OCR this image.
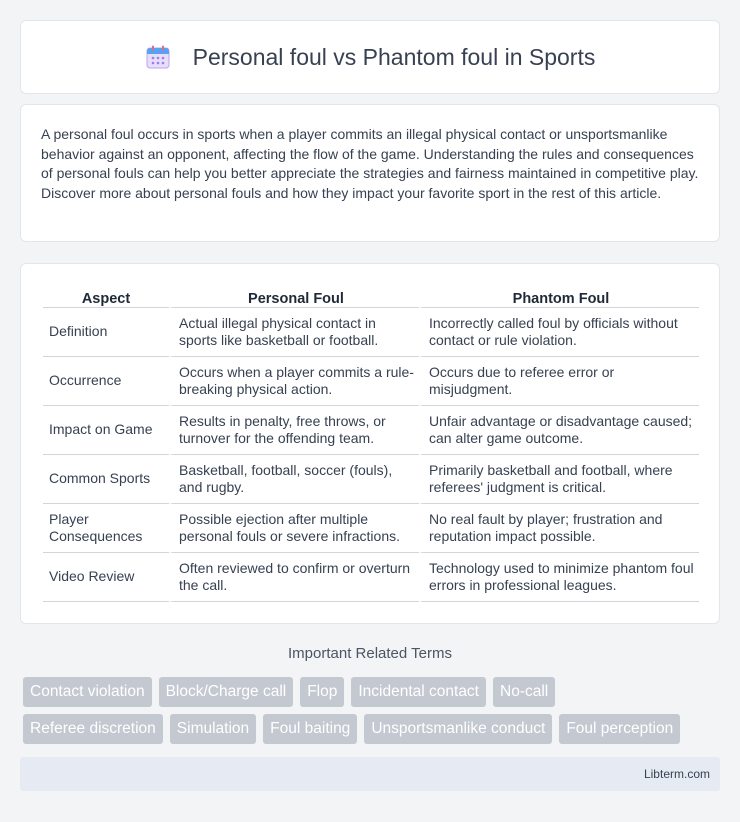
Personal foul vs Phantom foul in Sports

A personal foul occurs in sports when a player commits an illegal physical contact or unsportsmanlike behavior against an opponent, affecting the flow of the game. Understanding the rules and consequences of personal fouls can help you better appreciate the strategies and fairness maintained in competitive play. Discover more about personal fouls and how they impact your favorite sport in the rest of this article.

Aspect	Personal Foul	Phantom Foul
Definition	Actual illegal physical contact in sports like basketball or football.	Incorrectly called foul by officials without contact or rule violation.
Occurrence	Occurs when a player commits a rule-breaking physical action.	Occurs due to referee error or misjudgment.
Impact on Game	Results in penalty, free throws, or turnover for the offending team.	Unfair advantage or disadvantage caused; can alter game outcome.
Common Sports	Basketball, football, soccer (fouls), and rugby.	Primarily basketball and football, where referees' judgment is critical.
Player Consequences	Possible ejection after multiple personal fouls or severe infractions.	No real fault by player; frustration and reputation impact possible.
Video Review	Often reviewed to confirm or overturn the call.	Technology used to minimize phantom foul errors in professional leagues.
Important Related Terms
Contact violation	Block/Charge call	Flop	Incidental contact	No-call
Referee discretion	Simulation	Foul baiting	Unsportsmanlike conduct	Foul perception
Libterm.com
